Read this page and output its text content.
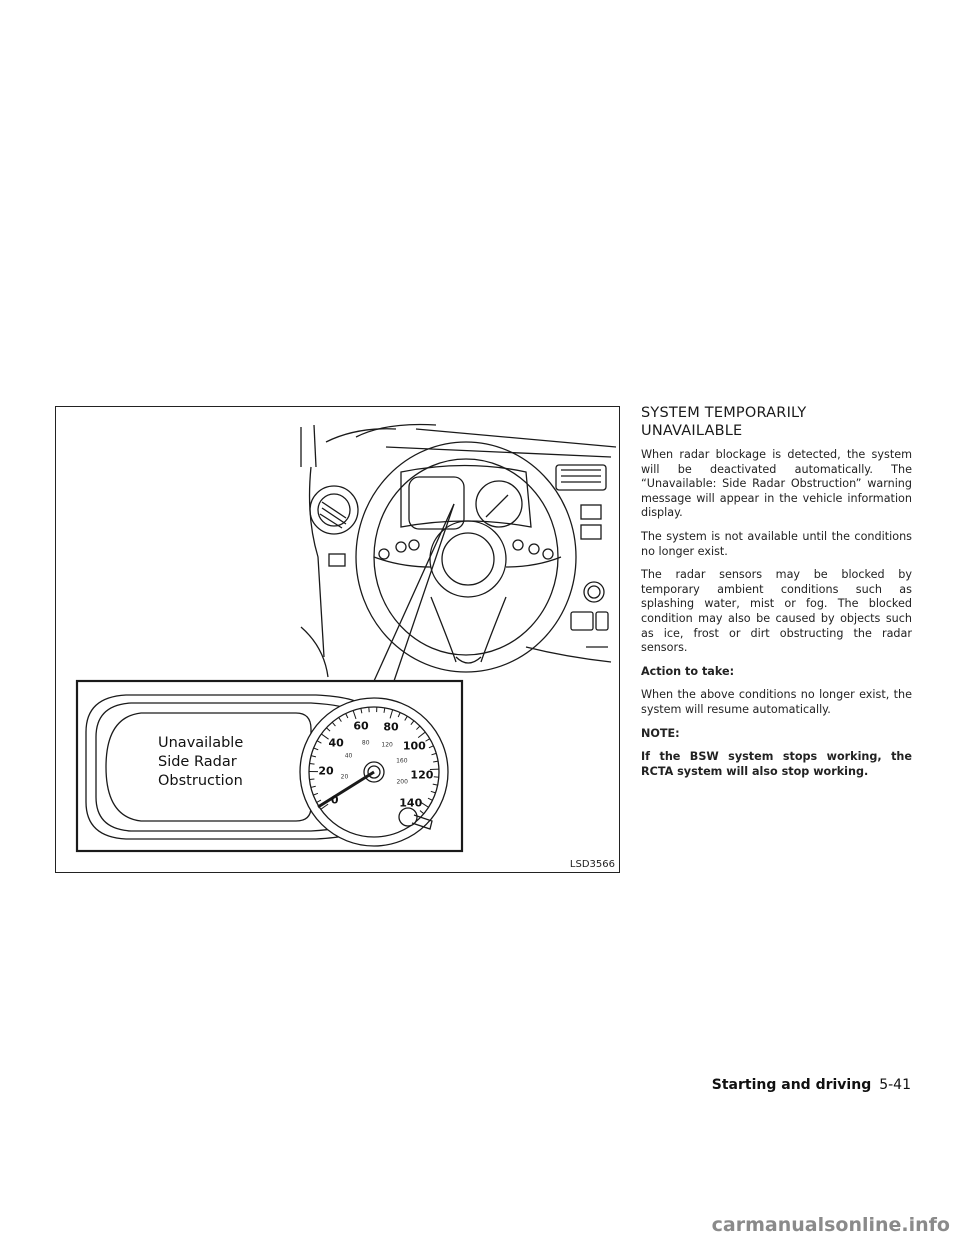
Unavailable
Side Radar
Obstruction
0
20
40
60 80
100
120
140
20
40
80 120
160
200
LSD3566
SYSTEM TEMPORARILY
UNAVAILABLE

When radar blockage is detected, the system will be deactivated automatically. The “Unavailable: Side Radar Obstruction” warning message will appear in the vehicle information display.

The system is not available until the conditions no longer exist.

The radar sensors may be blocked by temporary ambient conditions such as splashing water, mist or fog. The blocked condition may also be caused by objects such as ice, frost or dirt obstructing the radar sensors.

Action to take:

When the above conditions no longer exist, the system will resume automatically.

NOTE:

If the BSW system stops working, the RCTA system will also stop working.

Starting and driving 5-41
carmanualsonline.info
